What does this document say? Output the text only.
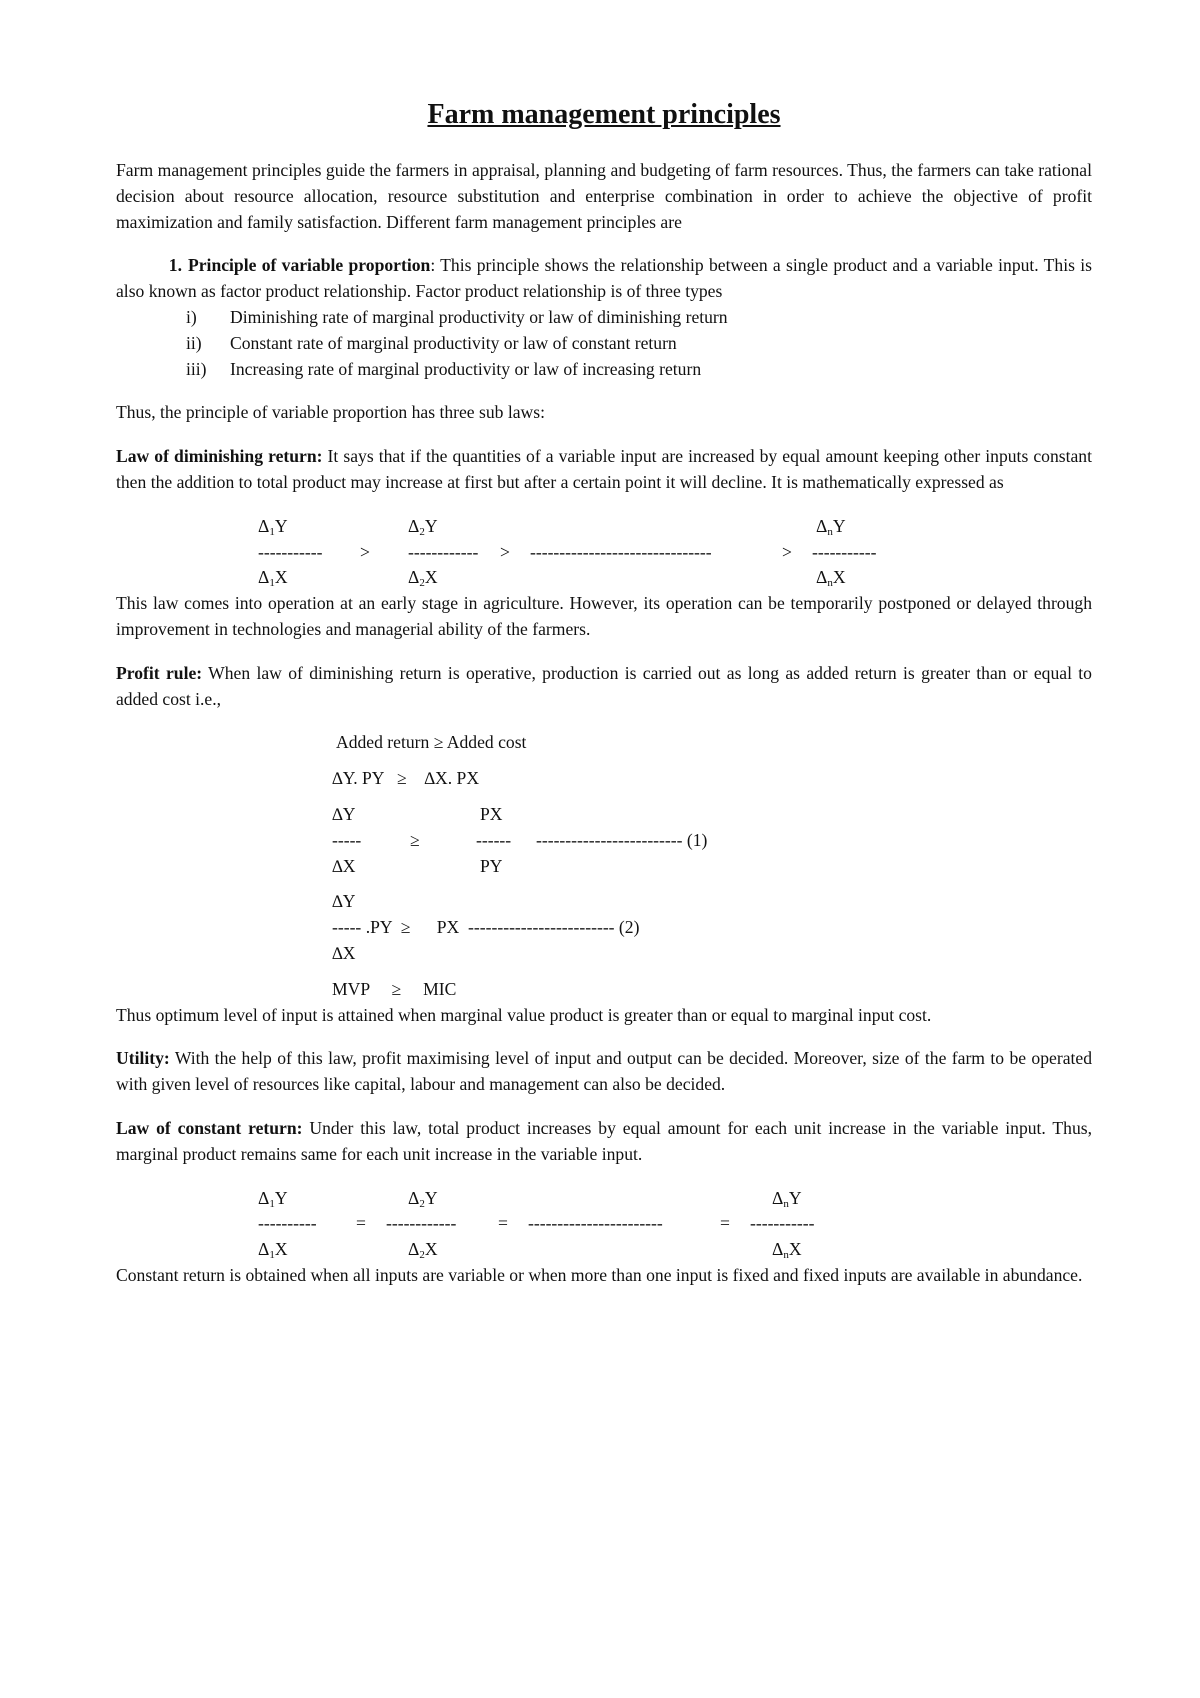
Farm management principles

Farm management principles guide the farmers in appraisal, planning and budgeting of farm resources. Thus, the farmers can take rational decision about resource allocation, resource substitution and enterprise combination in order to achieve the objective of profit maximization and family satisfaction. Different farm management principles are

1. Principle of variable proportion: This principle shows the relationship between a single product and a variable input. This is also known as factor product relationship. Factor product relationship is of three types

i)	Diminishing rate of marginal productivity or law of diminishing return
ii)	Constant rate of marginal productivity or law of constant return
iii)	Increasing rate of marginal productivity or law of increasing return

Thus, the principle of variable proportion has three sub laws:

Law of diminishing return: It says that if the quantities of a variable input are increased by equal amount keeping other inputs constant then the addition to total product may increase at first but after a certain point it will decline. It is mathematically expressed as

$\Delta_1Y$	$\Delta_2Y$	$\Delta_nY$
----------- > ------------ > -------------------------------	> -----------
$\Delta_1X$	$\Delta_2X$	$\Delta_nX$

This law comes into operation at an early stage in agriculture. However, its operation can be temporarily postponed or delayed through improvement in technologies and managerial ability of the farmers.

Profit rule: When law of diminishing return is operative, production is carried out as long as added return is greater than or equal to added cost i.e.,

Added return ≥ Added cost
∆Y. PY   ≥    ∆X. PX
∆Y	PX
-----	≥	------ ------------------------- (1)
∆X	PY
∆Y
----- .PY  ≥      PX  ------------------------- (2)
∆X
MVP     ≥     MIC

Thus optimum level of input is attained when marginal value product is greater than or equal to marginal input cost.

Utility: With the help of this law, profit maximising level of input and output can be decided. Moreover, size of the farm to be operated with given level of resources like capital, labour and management can also be decided.

Law of constant return: Under this law, total product increases by equal amount for each unit increase in the variable input. Thus, marginal product remains same for each unit increase in the variable input.

$\Delta_1Y$	$\Delta_2Y$	$\Delta_nY$
---------- = ------------ = -----------------------	= -----------
$\Delta_1X$	$\Delta_2X$	$\Delta_nX$

Constant return is obtained when all inputs are variable or when more than one input is fixed and fixed inputs are available in abundance.
